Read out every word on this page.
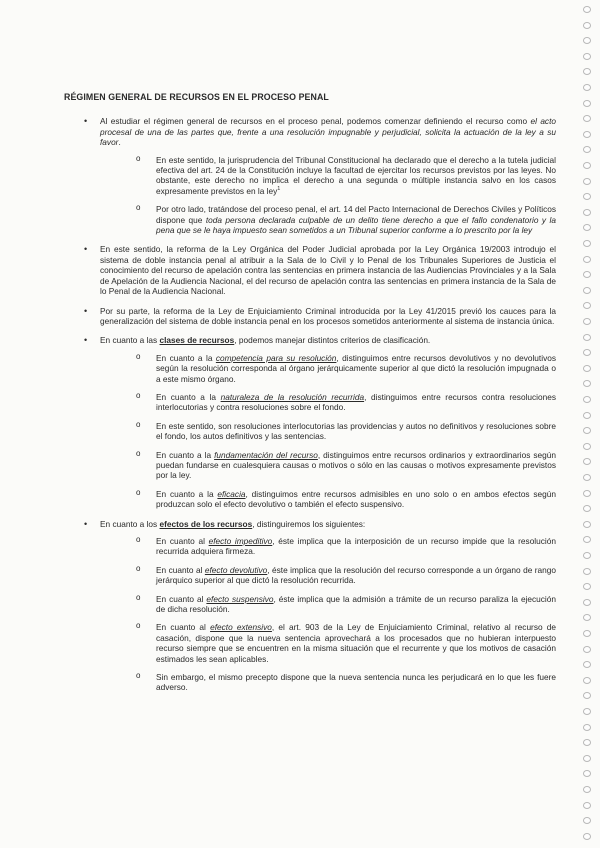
RÉGIMEN GENERAL DE RECURSOS EN EL PROCESO PENAL

• Al estudiar el régimen general de recursos en el proceso penal, podemos comenzar definiendo el recurso como el acto procesal de una de las partes que, frente a una resolución impugnable y perjudicial, solicita la actuación de la ley a su favor.
o En este sentido, la jurisprudencia del Tribunal Constitucional ha declarado que el derecho a la tutela judicial efectiva del art. 24 de la Constitución incluye la facultad de ejercitar los recursos previstos por las leyes. No obstante, este derecho no implica el derecho a una segunda o múltiple instancia salvo en los casos expresamente previstos en la ley$^1$
o Por otro lado, tratándose del proceso penal, el art. 14 del Pacto Internacional de Derechos Civiles y Políticos dispone que toda persona declarada culpable de un delito tiene derecho a que el fallo condenatorio y la pena que se le haya impuesto sean sometidos a un Tribunal superior conforme a lo prescrito por la ley
• En este sentido, la reforma de la Ley Orgánica del Poder Judicial aprobada por la Ley Orgánica 19/2003 introdujo el sistema de doble instancia penal al atribuir a la Sala de lo Civil y lo Penal de los Tribunales Superiores de Justicia el conocimiento del recurso de apelación contra las sentencias en primera instancia de las Audiencias Provinciales y a la Sala de Apelación de la Audiencia Nacional, el del recurso de apelación contra las sentencias en primera instancia de la Sala de lo Penal de la Audiencia Nacional.
• Por su parte, la reforma de la Ley de Enjuiciamiento Criminal introducida por la Ley 41/2015 previó los cauces para la generalización del sistema de doble instancia penal en los procesos sometidos anteriormente al sistema de instancia única.
• En cuanto a las clases de recursos, podemos manejar distintos criterios de clasificación.
o En cuanto a la competencia para su resolución, distinguimos entre recursos devolutivos y no devolutivos según la resolución corresponda al órgano jerárquicamente superior al que dictó la resolución impugnada o a este mismo órgano.
o En cuanto a la naturaleza de la resolución recurrida, distinguimos entre recursos contra resoluciones interlocutorias y contra resoluciones sobre el fondo.
o En este sentido, son resoluciones interlocutorias las providencias y autos no definitivos y resoluciones sobre el fondo, los autos definitivos y las sentencias.
o En cuanto a la fundamentación del recurso, distinguimos entre recursos ordinarios y extraordinarios según puedan fundarse en cualesquiera causas o motivos o sólo en las causas o motivos expresamente previstos por la ley.
o En cuanto a la eficacia, distinguimos entre recursos admisibles en uno solo o en ambos efectos según produzcan solo el efecto devolutivo o también el efecto suspensivo.
• En cuanto a los efectos de los recursos, distinguiremos los siguientes:
o En cuanto al efecto impeditivo, éste implica que la interposición de un recurso impide que la resolución recurrida adquiera firmeza.
o En cuanto al efecto devolutivo, éste implica que la resolución del recurso corresponde a un órgano de rango jerárquico superior al que dictó la resolución recurrida.
o En cuanto al efecto suspensivo, éste implica que la admisión a trámite de un recurso paraliza la ejecución de dicha resolución.
o En cuanto al efecto extensivo, el art. 903 de la Ley de Enjuiciamiento Criminal, relativo al recurso de casación, dispone que la nueva sentencia aprovechará a los procesados que no hubieran interpuesto recurso siempre que se encuentren en la misma situación que el recurrente y que los motivos de casación estimados les sean aplicables.
o Sin embargo, el mismo precepto dispone que la nueva sentencia nunca les perjudicará en lo que les fuere adverso.
